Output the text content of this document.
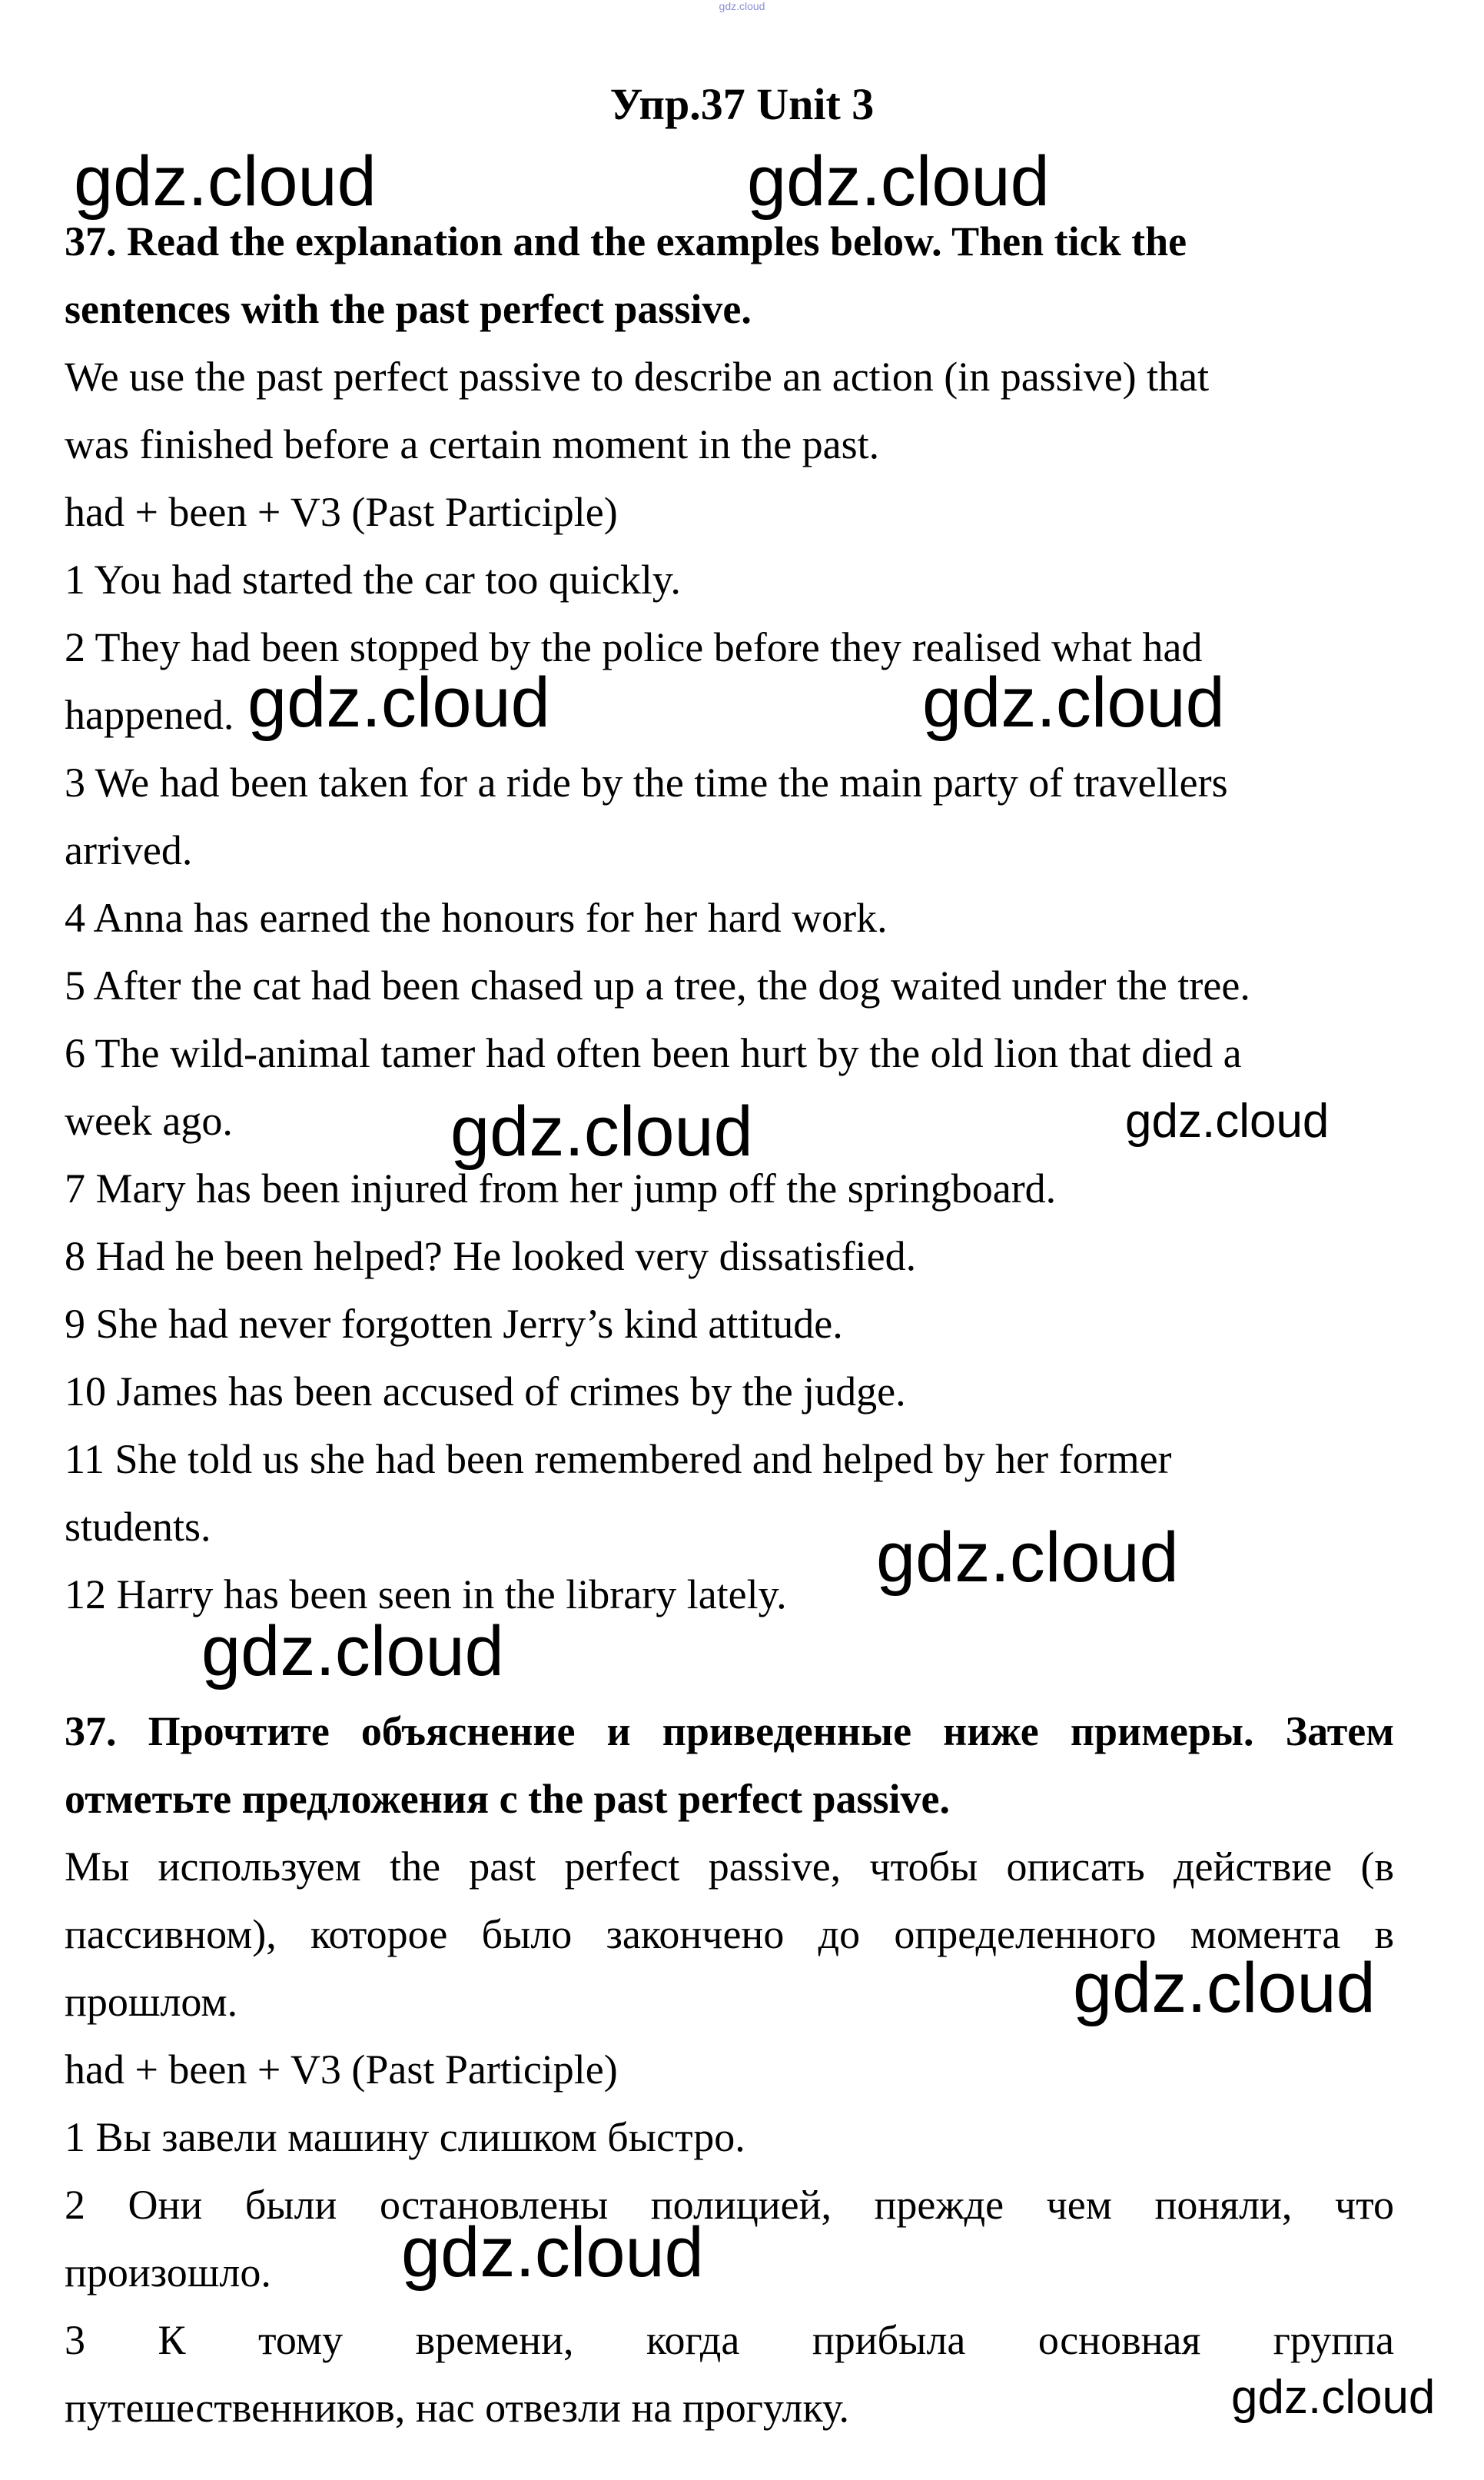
gdz.cloud
Упр.37 Unit 3
37. Read the explanation and the examples below. Then tick the
sentences with the past perfect passive.
We use the past perfect passive to describe an action (in passive) that
was finished before a certain moment in the past.
had + been + V3 (Past Participle)
1 You had started the car too quickly.
2 They had been stopped by the police before they realised what had
happened.
3 We had been taken for a ride by the time the main party of travellers
arrived.
4 Anna has earned the honours for her hard work.
5 After the cat had been chased up a tree, the dog waited under the tree.
6 The wild-animal tamer had often been hurt by the old lion that died a
week ago.
7 Mary has been injured from her jump off the springboard.
8 Had he been helped? He looked very dissatisfied.
9 She had never forgotten Jerry’s kind attitude.
10 James has been accused of crimes by the judge.
11 She told us she had been remembered and helped by her former
students.
12 Harry has been seen in the library lately.
37. Прочтите объяснение и приведенные ниже примеры. Затем
отметьте предложения с the past perfect passive.
Мы используем the past perfect passive, чтобы описать действие (в
пассивном), которое было закончено до определенного момента в
прошлом.
had + been + V3 (Past Participle)
1 Вы завели машину слишком быстро.
2 Они были остановлены полицией, прежде чем поняли, что
произошло.
3 К тому времени, когда прибыла основная группа
путешественников, нас отвезли на прогулку.
gdz.cloud	gdz.cloud
gdz.cloud	gdz.cloud
gdz.cloud	gdz.cloud
gdz.cloud
gdz.cloud
gdz.cloud
gdz.cloud
gdz.cloud
